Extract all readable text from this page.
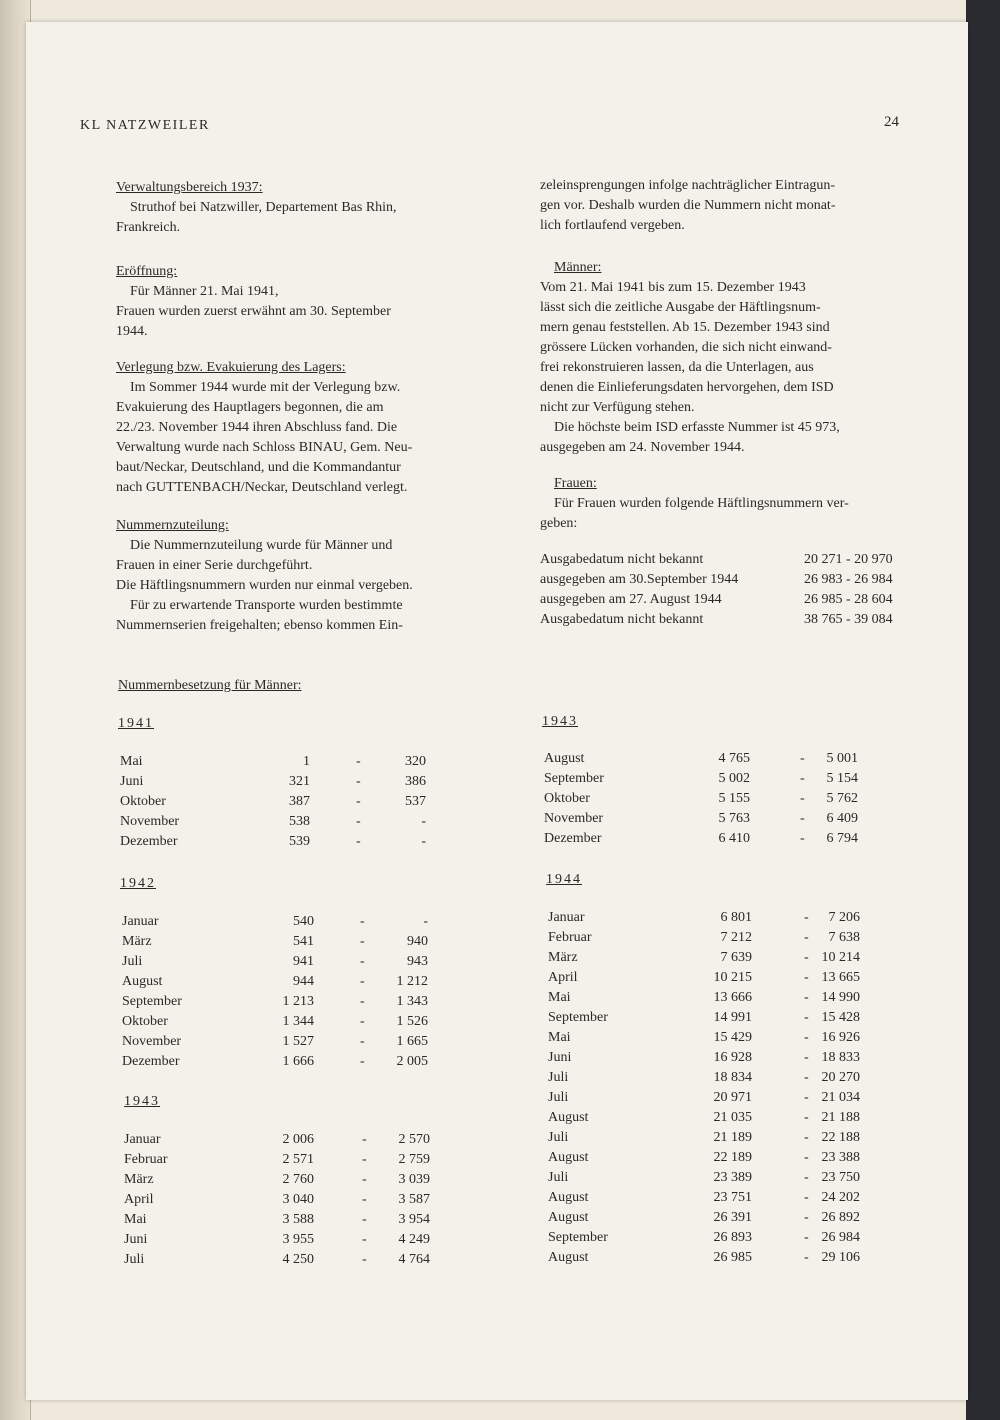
KL NATZWEILER	24
Verwaltungsbereich 1937:

Struthof bei Natzwiller, Departement Bas Rhin,

Frankreich.

Eröffnung:

Für Männer 21. Mai 1941,

Frauen wurden zuerst erwähnt am 30. September

1944.

Verlegung bzw. Evakuierung des Lagers:

Im Sommer 1944 wurde mit der Verlegung bzw.

Evakuierung des Hauptlagers begonnen, die am

22./23. November 1944 ihren Abschluss fand. Die

Verwaltung wurde nach Schloss BINAU, Gem. Neu-

baut/Neckar, Deutschland, und die Kommandantur

nach GUTTENBACH/Neckar, Deutschland verlegt.

Nummernzuteilung:

Die Nummernzuteilung wurde für Männer und

Frauen in einer Serie durchgeführt.

Die Häftlingsnummern wurden nur einmal vergeben.

Für zu erwartende Transporte wurden bestimmte

Nummernserien freigehalten; ebenso kommen Ein-

zeleinsprengungen infolge nachträglicher Eintragun-

gen vor. Deshalb wurden die Nummern nicht monat-

lich fortlaufend vergeben.

Männer:

Vom 21. Mai 1941 bis zum 15. Dezember 1943

lässt sich die zeitliche Ausgabe der Häftlingsnum-

mern genau feststellen. Ab 15. Dezember 1943 sind

grössere Lücken vorhanden, die sich nicht einwand-

frei rekonstruieren lassen, da die Unterlagen, aus

denen die Einlieferungsdaten hervorgehen, dem ISD

nicht zur Verfügung stehen.

Die höchste beim ISD erfasste Nummer ist 45 973,

ausgegeben am 24. November 1944.

Frauen:

Für Frauen wurden folgende Häftlingsnummern ver-

geben:

Ausgabedatum nicht bekannt	20 271 - 20 970
ausgegeben am 30.September 1944	26 983 - 26 984
ausgegeben am 27. August 1944	26 985 - 28 604
Ausgabedatum nicht bekannt	38 765 - 39 084
Nummernbesetzung für Männer:
1941
Mai	1	-	320
Juni	321	-	386
Oktober	387	-	537
November	538	-	-
Dezember	539	-	-
1942
Januar	540	-	-
März	541	-	940
Juli	941	-	943
August	944	-	1 212
September	1 213	-	1 343
Oktober	1 344	-	1 526
November	1 527	-	1 665
Dezember	1 666	-	2 005
1943
Januar	2 006	-	2 570
Februar	2 571	-	2 759
März	2 760	-	3 039
April	3 040	-	3 587
Mai	3 588	-	3 954
Juni	3 955	-	4 249
Juli	4 250	-	4 764
1943
August	4 765	-	5 001
September	5 002	-	5 154
Oktober	5 155	-	5 762
November	5 763	-	6 409
Dezember	6 410	-	6 794
1944
Januar	6 801	-	7 206
Februar	7 212	-	7 638
März	7 639	- 10 214
April	10 215	- 13 665
Mai	13 666	- 14 990
September	14 991	- 15 428
Mai	15 429	- 16 926
Juni	16 928	- 18 833
Juli	18 834	- 20 270
Juli	20 971	- 21 034
August	21 035	- 21 188
Juli	21 189	- 22 188
August	22 189	- 23 388
Juli	23 389	- 23 750
August	23 751	- 24 202
August	26 391	- 26 892
September	26 893	- 26 984
August	26 985	- 29 106
